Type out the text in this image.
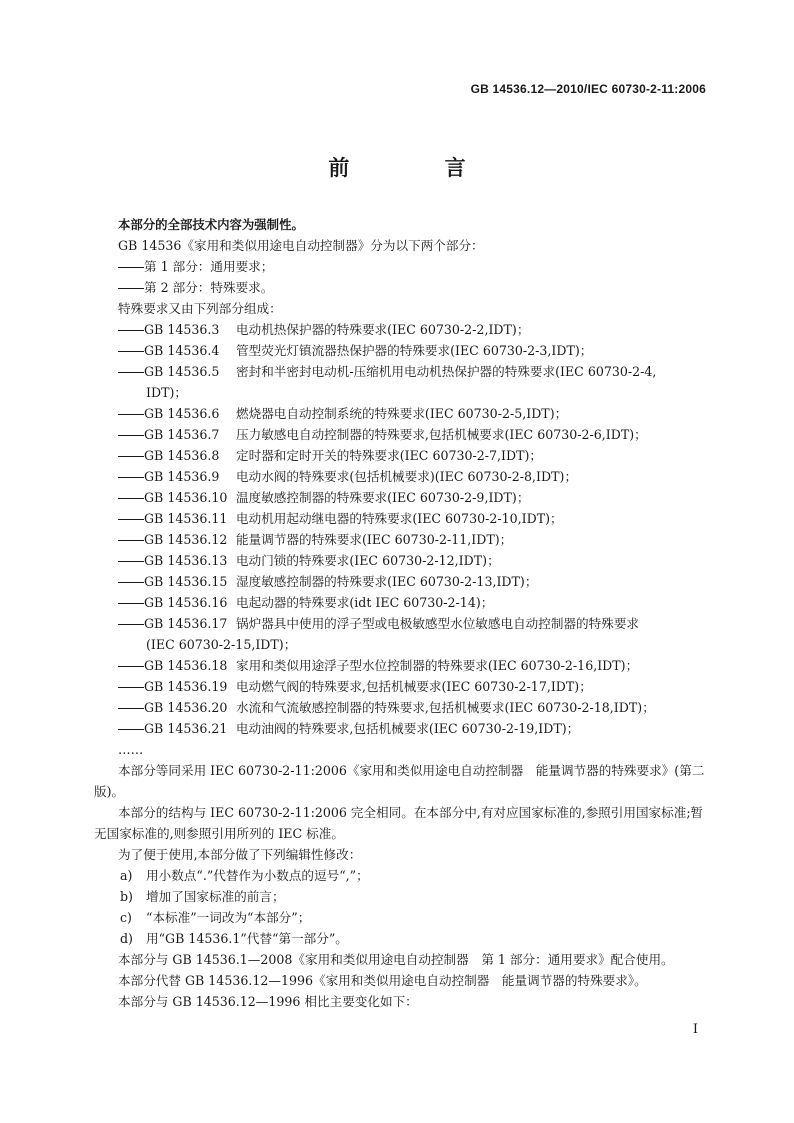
GB 14536.12—2010/IEC 60730-2-11:2006
前 言
本部分的全部技术内容为强制性。
GB 14536《家用和类似用途电自动控制器》分为以下两个部分：
第 1 部分：通用要求；
第 2 部分：特殊要求。
特殊要求又由下列部分组成：
GB 14536.3 电动机热保护器的特殊要求(IEC 60730-2-2,IDT)；
GB 14536.4 管型荧光灯镇流器热保护器的特殊要求(IEC 60730-2-3,IDT)；
GB 14536.5 密封和半密封电动机-压缩机用电动机热保护器的特殊要求(IEC 60730-2-4,
IDT)；
GB 14536.6 燃烧器电自动控制系统的特殊要求(IEC 60730-2-5,IDT)；
GB 14536.7 压力敏感电自动控制器的特殊要求,包括机械要求(IEC 60730-2-6,IDT)；
GB 14536.8 定时器和定时开关的特殊要求(IEC 60730-2-7,IDT)；
GB 14536.9 电动水阀的特殊要求(包括机械要求)(IEC 60730-2-8,IDT)；
GB 14536.10 温度敏感控制器的特殊要求(IEC 60730-2-9,IDT)；
GB 14536.11 电动机用起动继电器的特殊要求(IEC 60730-2-10,IDT)；
GB 14536.12 能量调节器的特殊要求(IEC 60730-2-11,IDT)；
GB 14536.13 电动门锁的特殊要求(IEC 60730-2-12,IDT)；
GB 14536.15 湿度敏感控制器的特殊要求(IEC 60730-2-13,IDT)；
GB 14536.16 电起动器的特殊要求(idt IEC 60730-2-14)；
GB 14536.17 锅炉器具中使用的浮子型或电极敏感型水位敏感电自动控制器的特殊要求
(IEC 60730-2-15,IDT)；
GB 14536.18 家用和类似用途浮子型水位控制器的特殊要求(IEC 60730-2-16,IDT)；
GB 14536.19 电动燃气阀的特殊要求,包括机械要求(IEC 60730-2-17,IDT)；
GB 14536.20 水流和气流敏感控制器的特殊要求,包括机械要求(IEC 60730-2-18,IDT)；
GB 14536.21 电动油阀的特殊要求,包括机械要求(IEC 60730-2-19,IDT)；
……
本部分等同采用 IEC 60730-2-11:2006《家用和类似用途电自动控制器　能量调节器的特殊要求》(第二版)。
本部分的结构与 IEC 60730-2-11:2006 完全相同。在本部分中,有对应国家标准的,参照引用国家标准;暂无国家标准的,则参照引用所列的 IEC 标准。
为了便于使用,本部分做了下列编辑性修改：
a) 用小数点“.”代替作为小数点的逗号“,”；
b) 增加了国家标准的前言；
c) “本标准”一词改为“本部分”；
d) 用“GB 14536.1”代替“第一部分”。
本部分与 GB 14536.1—2008《家用和类似用途电自动控制器　第 1 部分：通用要求》配合使用。
本部分代替 GB 14536.12—1996《家用和类似用途电自动控制器　能量调节器的特殊要求》。
本部分与 GB 14536.12—1996 相比主要变化如下：
I
